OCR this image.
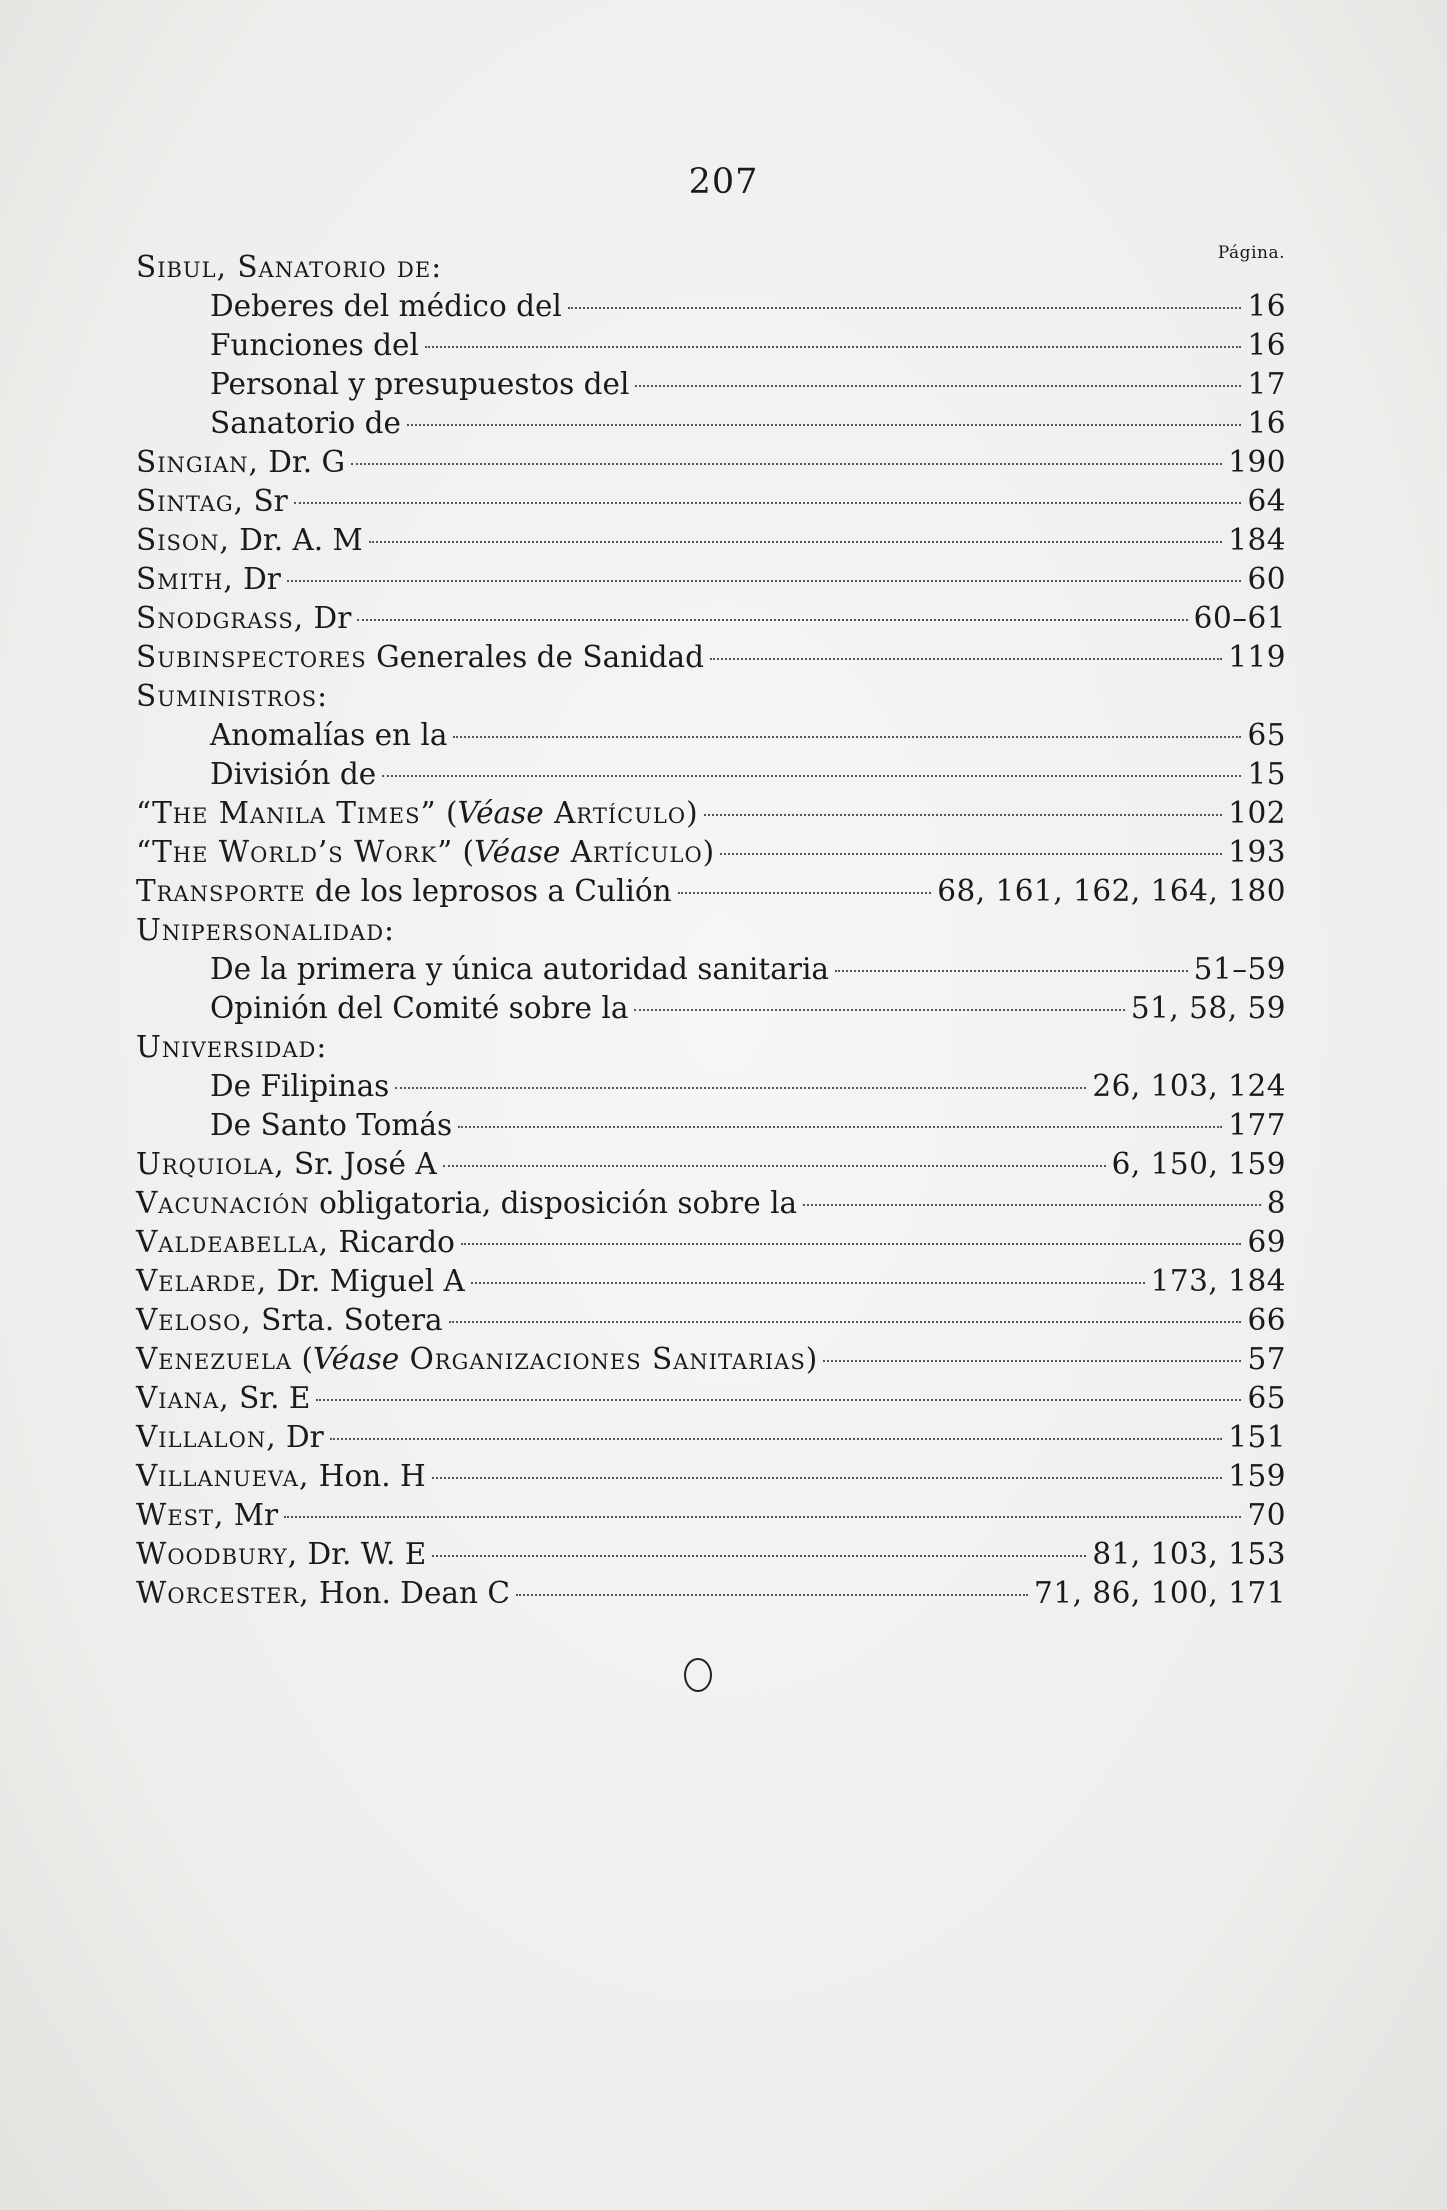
207
Página.
Sibul, Sanatorio de:
Deberes del médico del	16
Funciones del	16
Personal y presupuestos del	17
Sanatorio de	16
Singian, Dr. G	190
Sintag, Sr	64
Sison, Dr. A. M	184
Smith, Dr	60
Snodgrass, Dr	60–61
Subinspectores Generales de Sanidad	119
Suministros:
Anomalías en la	65
División de	15
“The Manila Times” ( Véase Artículo )	102
“The World’s Work” ( Véase Artículo )	193
Transporte de los leprosos a Culión	68, 161, 162, 164, 180
Unipersonalidad:
De la primera y única autoridad sanitaria	51–59
Opinión del Comité sobre la	51, 58, 59
Universidad:
De Filipinas	26, 103, 124
De Santo Tomás	177
Urquiola, Sr. José A	6, 150, 159
Vacunación obligatoria, disposición sobre la	8
Valdeabella, Ricardo	69
Velarde, Dr. Miguel A	173, 184
Veloso, Srta. Sotera	66
Venezuela ( Véase Organizaciones Sanitarias )	57
Viana, Sr. E	65
Villalon, Dr	151
Villanueva, Hon. H	159
West, Mr	70
Woodbury, Dr. W. E	81, 103, 153
Worcester, Hon. Dean C	71, 86, 100, 171
